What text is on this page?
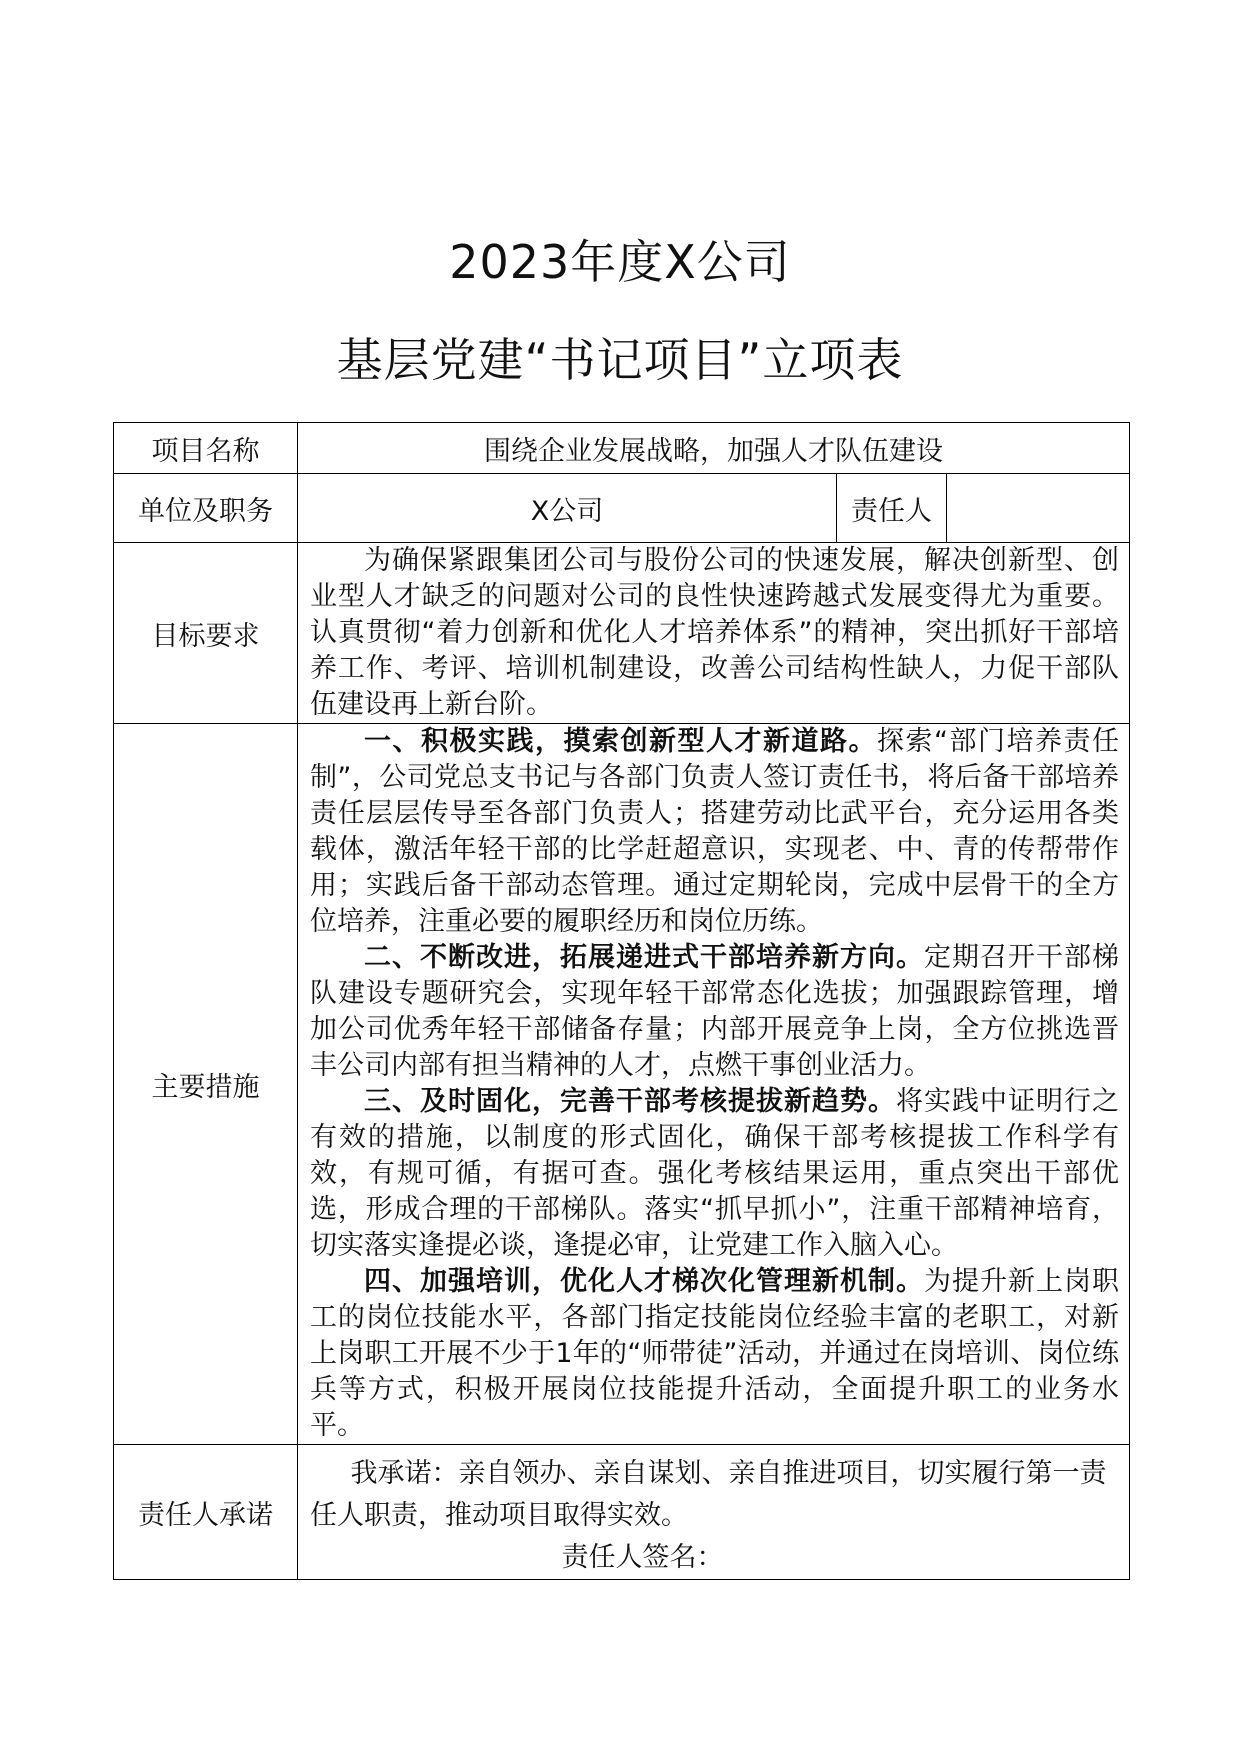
2023年度X公司
基层党建“书记项目”立项表
项目名称	围绕企业发展战略，加强人才队伍建设		
单位及职务	X公司	责任人	
目标要求	为确保紧跟集团公司与股份公司的快速发展，解决创新型、创业型人才缺乏的问题对公司的良性快速跨越式发展变得尤为重要。认真贯彻“着力创新和优化人才培养体系”的精神，突出抓好干部培养工作、考评、培训机制建设，改善公司结构性缺人，力促干部队伍建设再上新台阶。		

主要措施	一、积极实践，摸索创新型人才新道路。探索“部门培养责任制”，公司党总支书记与各部门负责人签订责任书，将后备干部培养责任层层传导至各部门负责人；搭建劳动比武平台，充分运用各类载体，激活年轻干部的比学赶超意识，实现老、中、青的传帮带作用；实践后备干部动态管理。通过定期轮岗，完成中层骨干的全方位培养，注重必要的履职经历和岗位历练。

二、不断改进，拓展递进式干部培养新方向。定期召开干部梯队建设专题研究会，实现年轻干部常态化选拔；加强跟踪管理，增加公司优秀年轻干部储备存量；内部开展竞争上岗，全方位挑选晋丰公司内部有担当精神的人才，点燃干事创业活力。

三、及时固化，完善干部考核提拔新趋势。将实践中证明行之有效的措施，以制度的形式固化，确保干部考核提拔工作科学有效，有规可循，有据可查。强化考核结果运用，重点突出干部优选，形成合理的干部梯队。落实“抓早抓小”，注重干部精神培育，切实落实逢提必谈，逢提必审，让党建工作入脑入心。

四、加强培训，优化人才梯次化管理新机制。为提升新上岗职工的岗位技能水平，各部门指定技能岗位经验丰富的老职工，对新上岗职工开展不少于1年的“师带徒”活动，并通过在岗培训、岗位练兵等方式，积极开展岗位技能提升活动，全面提升职工的业务水平。		

责任人承诺	我承诺：亲自领办、亲自谋划、亲自推进项目，切实履行第一责任人职责，推动项目取得实效。

责任人签名：		
